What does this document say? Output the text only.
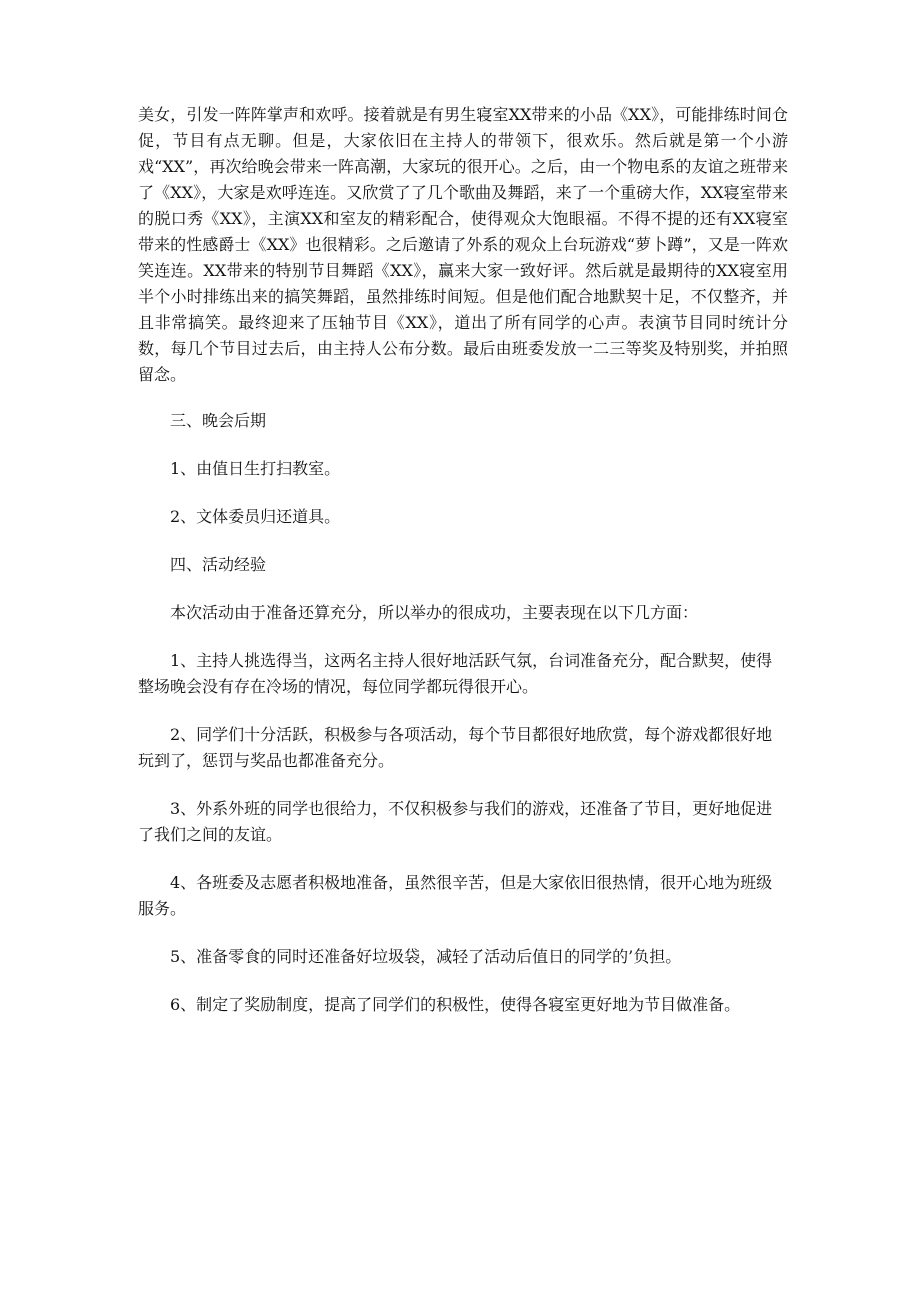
美女，引发一阵阵掌声和欢呼。接着就是有男生寝室XX带来的小品《XX》，可能排练时间仓促，节目有点无聊。但是，大家依旧在主持人的带领下，很欢乐。然后就是第一个小游戏“XX”，再次给晚会带来一阵高潮，大家玩的很开心。之后，由一个物电系的友谊之班带来了《XX》，大家是欢呼连连。又欣赏了了几个歌曲及舞蹈，来了一个重磅大作，XX寝室带来的脱口秀《XX》，主演XX和室友的精彩配合，使得观众大饱眼福。不得不提的还有XX寝室带来的性感爵士《XX》也很精彩。之后邀请了外系的观众上台玩游戏“萝卜蹲”，又是一阵欢笑连连。XX带来的特别节目舞蹈《XX》，赢来大家一致好评。然后就是最期待的XX寝室用半个小时排练出来的搞笑舞蹈，虽然排练时间短。但是他们配合地默契十足，不仅整齐，并且非常搞笑。最终迎来了压轴节目《XX》，道出了所有同学的心声。表演节目同时统计分数，每几个节目过去后，由主持人公布分数。最后由班委发放一二三等奖及特别奖，并拍照留念。

三、晚会后期

1、由值日生打扫教室。

2、文体委员归还道具。

四、活动经验

本次活动由于准备还算充分，所以举办的很成功，主要表现在以下几方面：

1、主持人挑选得当，这两名主持人很好地活跃气氛，台词准备充分，配合默契，使得整场晚会没有存在冷场的情况，每位同学都玩得很开心。

2、同学们十分活跃，积极参与各项活动，每个节目都很好地欣赏，每个游戏都很好地玩到了，惩罚与奖品也都准备充分。

3、外系外班的同学也很给力，不仅积极参与我们的游戏，还准备了节目，更好地促进了我们之间的友谊。

4、各班委及志愿者积极地准备，虽然很辛苦，但是大家依旧很热情，很开心地为班级服务。

5、准备零食的同时还准备好垃圾袋，减轻了活动后值日的同学的’负担。

6、制定了奖励制度，提高了同学们的积极性，使得各寝室更好地为节目做准备。
